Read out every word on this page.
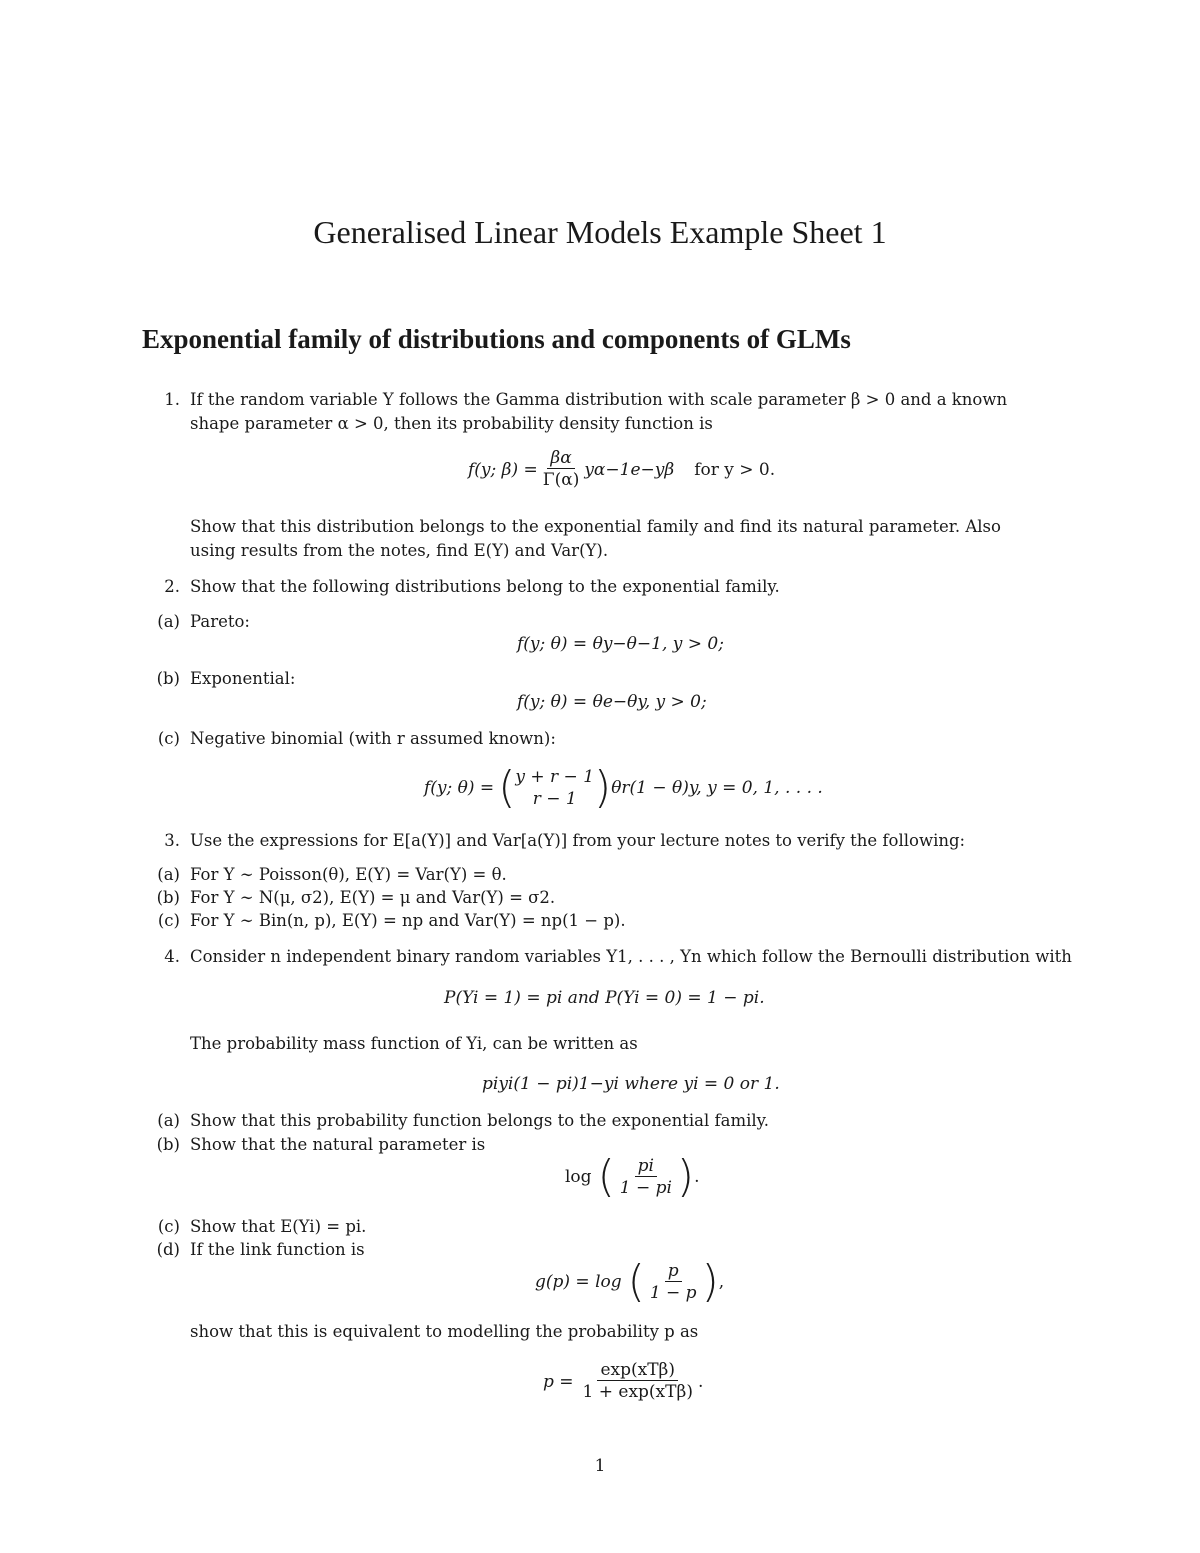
Generalised Linear Models Example Sheet 1
Exponential family of distributions and components of GLMs
1. If the random variable Y follows the Gamma distribution with scale parameter β > 0 and a known
shape parameter α > 0, then its probability density function is
f(y; $\beta) = \frac{\beta\alpha}{\Gamma(\alpha)} y\alpha-1e-y\beta$ for y > 0.
Show that this distribution belongs to the exponential family and find its natural parameter. Also
using results from the notes, find E(Y) and Var(Y).
2. Show that the following distributions belong to the exponential family.
(a) Pareto:
f(y; θ) = θy−θ−1, y > 0;
(b) Exponential:
f(y; θ) = θe−θy, y > 0;
(c) Negative binomial (with r assumed known):
f(y; θ) = ( y + r − 1
r − 1 ) θr(1 − θ)y, y = 0, 1, . . . .
3. Use the expressions for E[a(Y)] and Var[a(Y)] from your lecture notes to verify the following:
(a) For Y ∼ Poisson(θ), E(Y) = Var(Y) = θ.
(b) For Y ∼ N(μ, σ2), E(Y) = μ and Var(Y) = σ2.
(c) For Y ∼ Bin(n, p), E(Y) = np and Var(Y) = np(1 − p).
4. Consider n independent binary random variables Y1, . . . , Yn which follow the Bernoulli distribution with
P(Yi = 1) = pi and P(Yi = 0) = 1 − pi.
The probability mass function of Yi, can be written as
piyi(1 − pi)1−yi where yi = 0 or 1.
(a) Show that this probability function belongs to the exponential family.
(b) Show that the natural parameter is
log ( $\frac{pi}{1 - pi}$ ) .
(c) Show that E(Yi) = pi.
(d) If the link function is
g(p) = log ( $\frac{p}{1 - p}$ ) ,
show that this is equivalent to modelling the probability p as
$p = \frac{\text{exp(xTβ)}}{\text{1 + exp(xTβ)}}$ .
1
